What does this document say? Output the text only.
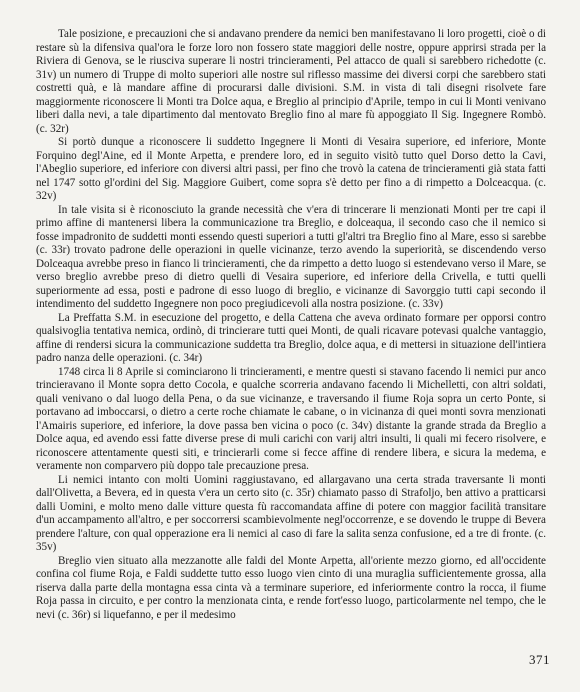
Tale posizione, e precauzioni che si andavano prendere da nemici ben manifestavano li loro progetti, cioè o di restare sù la difensiva qual'ora le forze loro non fossero state maggiori delle nostre, oppure apprirsi strada per la Riviera di Genova, se le riusciva superare li nostri trincieramenti, Pel attacco de quali si sarebbero richedotte (c. 31v) un numero di Truppe di molto superiori alle nostre sul riflesso massime dei diversi corpi che sarebbero stati costretti quà, e là mandare affine di procurarsi dalle divisioni. S.M. in vista di tali disegni risolvete fare maggiormente riconoscere li Monti tra Dolce aqua, e Breglio al principio d'Aprile, tempo in cui li Monti venivano liberi dalla nevi, a tale dipartimento dal mentovato Breglio fino al mare fù appoggiato Il Sig. Ingegnere Rombò. (c. 32r)

Si portò dunque a riconoscere li suddetto Ingegnere li Monti di Vesaira superiore, ed inferiore, Monte Forquino degl'Aine, ed il Monte Arpetta, e prendere loro, ed in seguito visitò tutto quel Dorso detto la Cavi, l'Abeglio superiore, ed inferiore con diversi altri passi, per fino che trovò la catena de trincieramenti già stata fatti nel 1747 sotto gl'ordini del Sig. Maggiore Guibert, come sopra s'è detto per fino a di rimpetto a Dolceacqua. (c. 32v)

In tale visita si è riconosciuto la grande necessità che v'era di trincerare li menzionati Monti per tre capi il primo affine di mantenersi libera la communicazione tra Breglio, e dolceaqua, il secondo caso che il nemico si fosse impadronito de suddetti monti essendo questi superiori a tutti gl'altri tra Breglio fino al Mare, esso si sarebbe (c. 33r) trovato padrone delle operazioni in quelle vicinanze, terzo avendo la superiorità, se discendendo verso Dolceaqua avrebbe preso in fianco li trincieramenti, che da rimpetto a detto luogo si estendevano verso il Mare, se verso breglio avrebbe preso di dietro quelli di Vesaira superiore, ed inferiore della Crivella, e tutti quelli superiormente ad essa, posti e padrone di esso luogo di breglio, e vicinanze di Savorggio tutti capi secondo il intendimento del suddetto Ingegnere non poco pregiudicevoli alla nostra posizione. (c. 33v)

La Preffatta S.M. in esecuzione del progetto, e della Cattena che aveva ordinato formare per opporsi contro qualsivoglia tentativa nemica, ordinò, di trincierare tutti quei Monti, de quali ricavare potevasi qualche vantaggio, affine di rendersi sicura la communicazione suddetta tra Breglio, dolce aqua, e di mettersi in situazione dell'intiera padro nanza delle operazioni. (c. 34r)

1748 circa li 8 Aprile si cominciarono li trincieramenti, e mentre questi si stavano facendo li nemici pur anco trincieravano il Monte sopra detto Cocola, e qualche scorreria andavano facendo li Michelletti, con altri soldati, quali venivano o dal luogo della Pena, o da sue vicinanze, e traversando il fiume Roja sopra un certo Ponte, si portavano ad imboccarsi, o dietro a certe roche chiamate le cabane, o in vicinanza di quei monti sovra menzionati l'Amairis superiore, ed inferiore, la dove passa ben vicina o poco (c. 34v) distante la grande strada da Breglio a Dolce aqua, ed avendo essi fatte diverse prese di muli carichi con varij altri insulti, li quali mi fecero risolvere, e riconoscere attentamente questi siti, e trincierarli come si fecce affine di rendere libera, e sicura la medema, e veramente non comparvero più doppo tale precauzione presa.

Li nemici intanto con molti Uomini raggiustavano, ed allargavano una certa strada traversante li monti dall'Olivetta, a Bevera, ed in questa v'era un certo sito (c. 35r) chiamato passo di Strafoljo, ben attivo a pratticarsi dalli Uomini, e molto meno dalle vitture questa fù raccomandata affine di potere con maggior facilità transitare d'un accampamento all'altro, e per soccorrersi scambievolmente negl'occorrenze, e se dovendo le truppe di Bevera prendere l'alture, con qual opperazione era li nemici al caso di fare la salita senza confusione, ed a tre di fronte. (c. 35v)

Breglio vien situato alla mezzanotte alle faldi del Monte Arpetta, all'oriente mezzo giorno, ed all'occidente confina col fiume Roja, e Faldi suddette tutto esso luogo vien cinto di una muraglia sufficientemente grossa, alla riserva dalla parte della montagna essa cinta và a terminare superiore, ed inferiormente contro la rocca, il fiume Roja passa in circuito, e per contro la menzionata cinta, e rende fort'esso luogo, particolarmente nel tempo, che le nevi (c. 36r) si liquefanno, e per il medesimo

371
